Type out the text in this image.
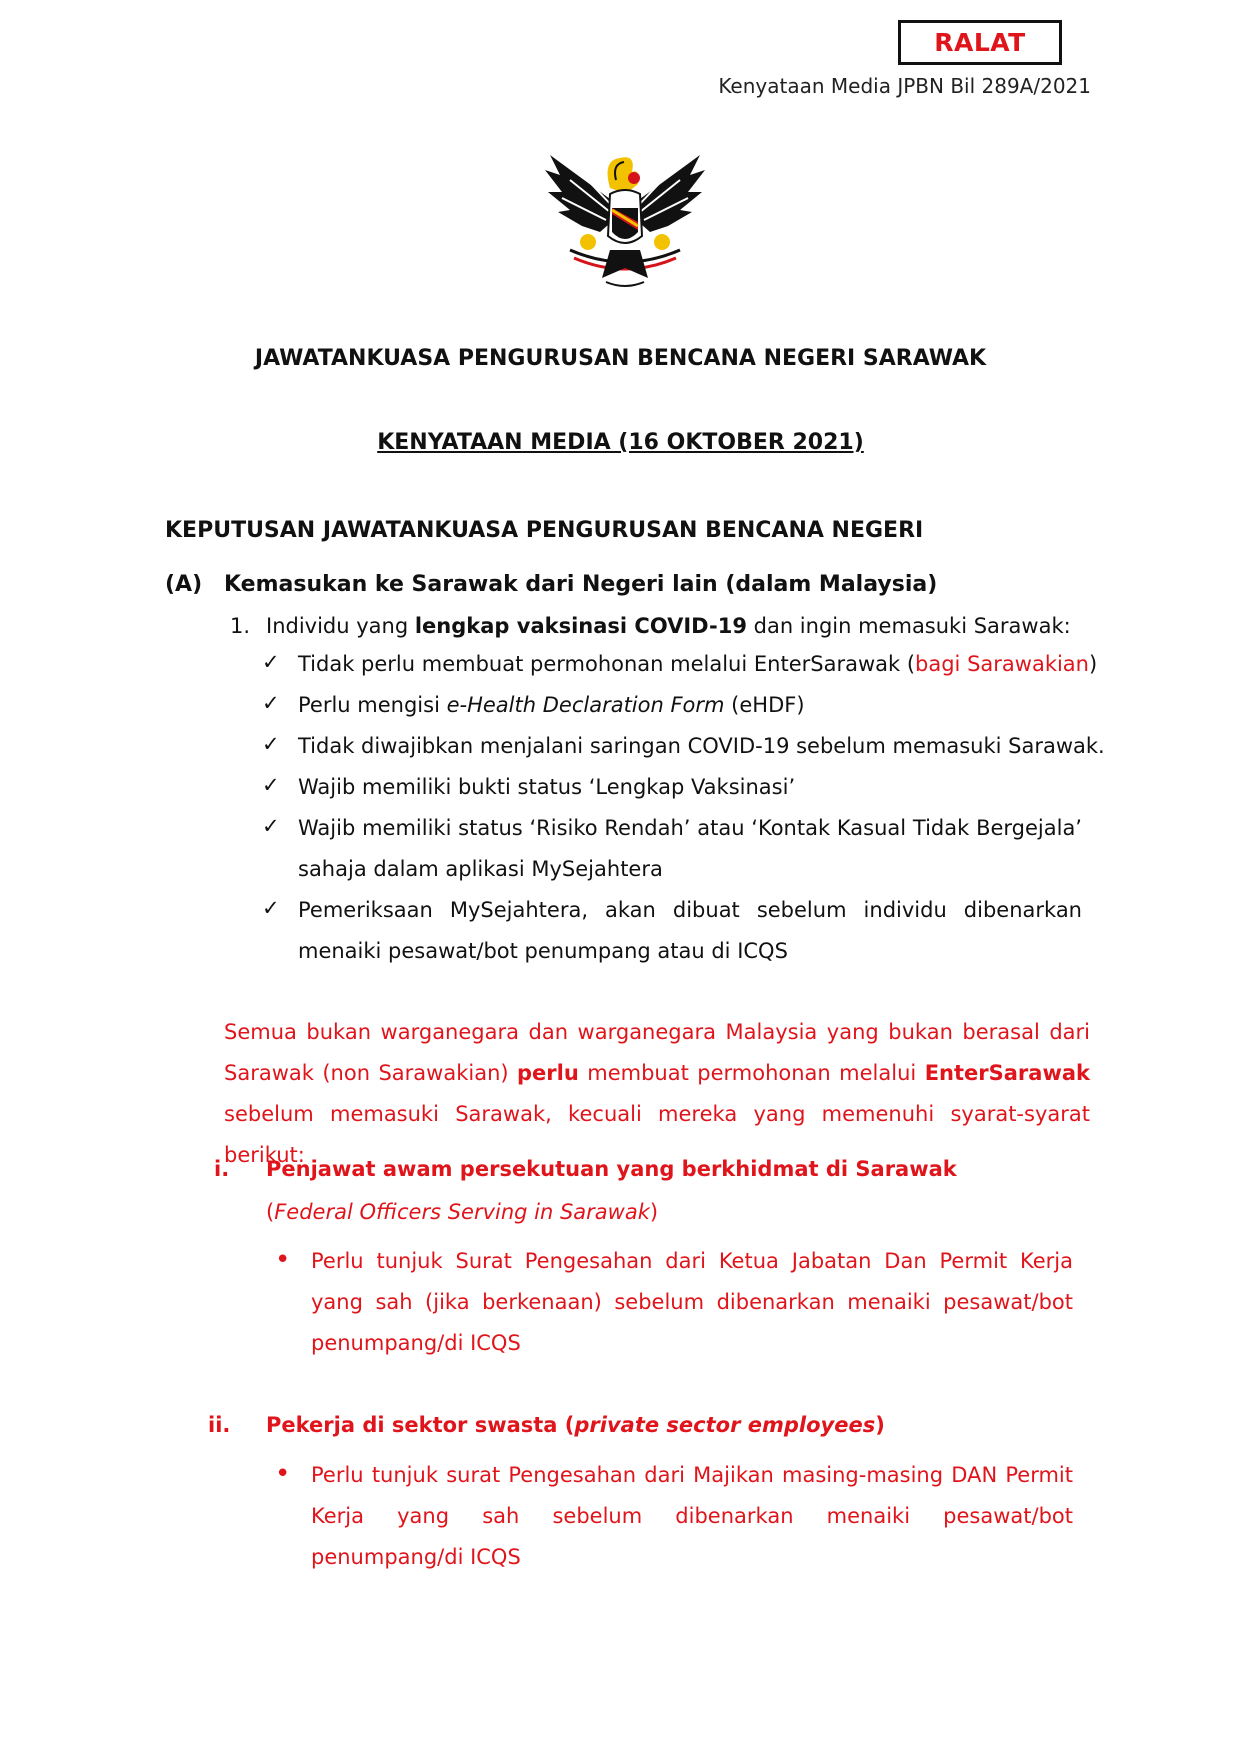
RALAT
Kenyataan Media JPBN Bil 289A/2021
JAWATANKUASA PENGURUSAN BENCANA NEGERI SARAWAK
KENYATAAN MEDIA (16 OKTOBER 2021)
KEPUTUSAN JAWATANKUASA PENGURUSAN BENCANA NEGERI
(A) Kemasukan ke Sarawak dari Negeri lain (dalam Malaysia)
1. Individu yang lengkap vaksinasi COVID-19 dan ingin memasuki Sarawak:
✓ Tidak perlu membuat permohonan melalui EnterSarawak (bagi Sarawakian)
✓ Perlu mengisi e-Health Declaration Form (eHDF)
✓ Tidak diwajibkan menjalani saringan COVID-19 sebelum memasuki Sarawak.
✓ Wajib memiliki bukti status ‘Lengkap Vaksinasi’
✓ Wajib memiliki status ‘Risiko Rendah’ atau ‘Kontak Kasual Tidak Bergejala’ sahaja dalam aplikasi MySejahtera
✓ Pemeriksaan MySejahtera, akan dibuat sebelum individu dibenarkan menaiki pesawat/bot penumpang atau di ICQS
Semua bukan warganegara dan warganegara Malaysia yang bukan berasal dari Sarawak (non Sarawakian) perlu membuat permohonan melalui EnterSarawak sebelum memasuki Sarawak, kecuali mereka yang memenuhi syarat-syarat berikut:
i. Penjawat awam persekutuan yang berkhidmat di Sarawak
(Federal Officers Serving in Sarawak)
• Perlu tunjuk Surat Pengesahan dari Ketua Jabatan Dan Permit Kerja yang sah (jika berkenaan) sebelum dibenarkan menaiki pesawat/bot penumpang/di ICQS
ii. Pekerja di sektor swasta (private sector employees)
• Perlu tunjuk surat Pengesahan dari Majikan masing-masing DAN Permit Kerja yang sah sebelum dibenarkan menaiki pesawat/bot penumpang/di ICQS
